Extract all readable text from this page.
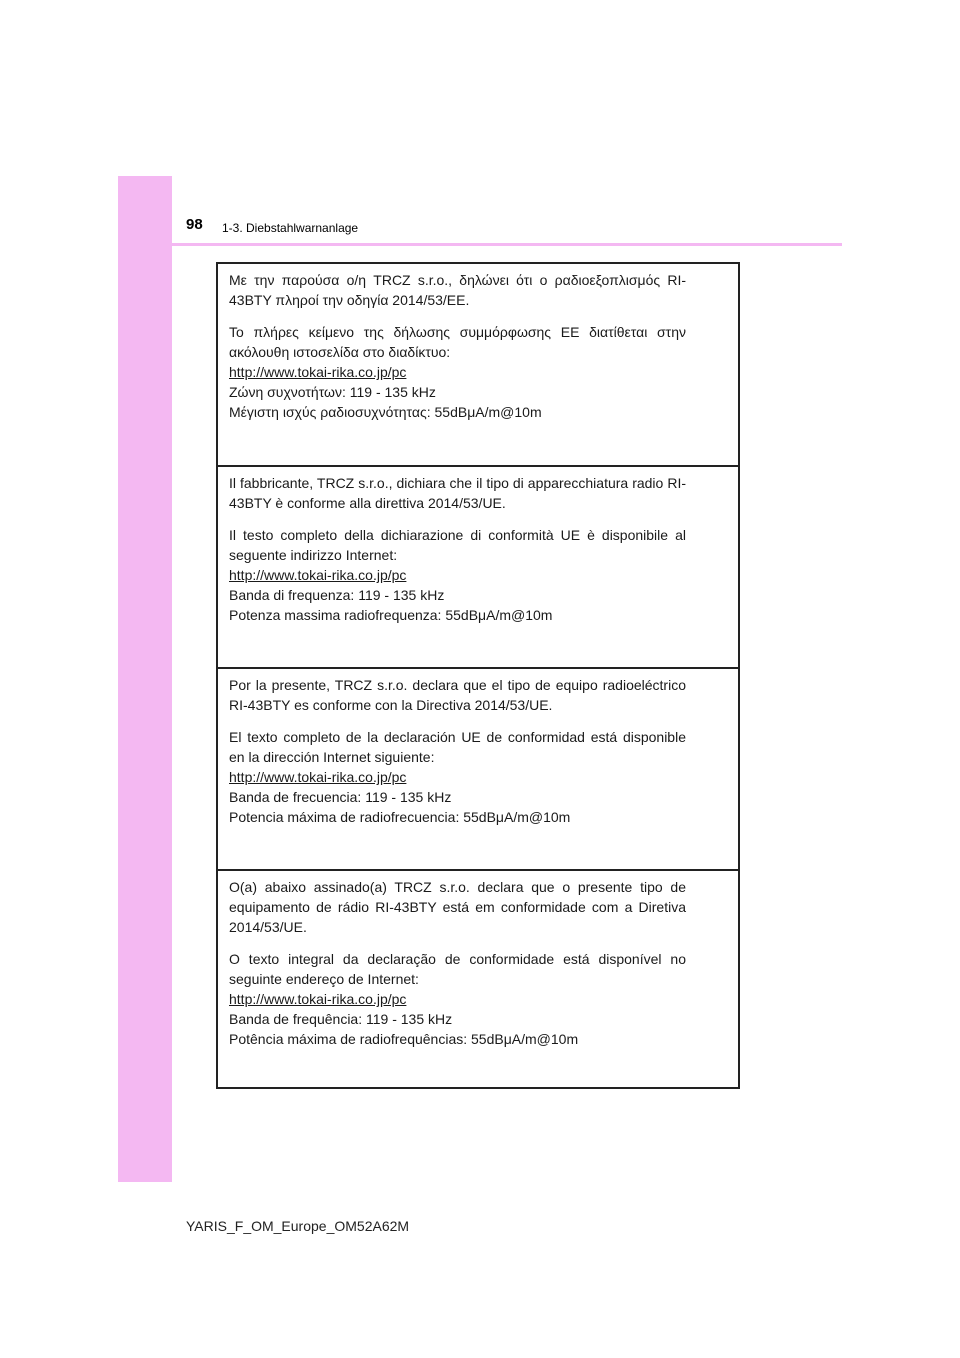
98 1-3. Diebstahlwarnanlage

Με την παρούσα ο/η TRCZ s.r.o., δηλώνει ότι ο ραδιοεξοπλισμός RI-43BTY πληροί την οδηγία 2014/53/ΕΕ.

Το πλήρες κείμενο της δήλωσης συμμόρφωσης ΕΕ διατίθεται στην ακόλουθη ιστοσελίδα στο διαδίκτυο:

http://www.tokai-rika.co.jp/pc

Ζώνη συχνοτήτων: 119 - 135 kHz
Μέγιστη ισχύς ραδιοσυχνότητας: 55dBμA/m@10m

Il fabbricante, TRCZ s.r.o., dichiara che il tipo di apparecchiatura radio RI-43BTY è conforme alla direttiva 2014/53/UE.

Il testo completo della dichiarazione di conformità UE è disponibile al seguente indirizzo Internet:

http://www.tokai-rika.co.jp/pc

Banda di frequenza: 119 - 135 kHz
Potenza massima radiofrequenza: 55dBμA/m@10m

Por la presente, TRCZ s.r.o. declara que el tipo de equipo radioeléctrico RI-43BTY es conforme con la Directiva 2014/53/UE.

El texto completo de la declaración UE de conformidad está disponible en la dirección Internet siguiente:

http://www.tokai-rika.co.jp/pc

Banda de frecuencia: 119 - 135 kHz
Potencia máxima de radiofrecuencia: 55dBμA/m@10m

O(a) abaixo assinado(a) TRCZ s.r.o. declara que o presente tipo de equipamento de rádio RI-43BTY está em conformidade com a Diretiva 2014/53/UE.

O texto integral da declaração de conformidade está disponível no seguinte endereço de Internet:

http://www.tokai-rika.co.jp/pc

Banda de frequência: 119 - 135 kHz
Potência máxima de radiofrequências: 55dBμA/m@10m

YARIS_F_OM_Europe_OM52A62M
